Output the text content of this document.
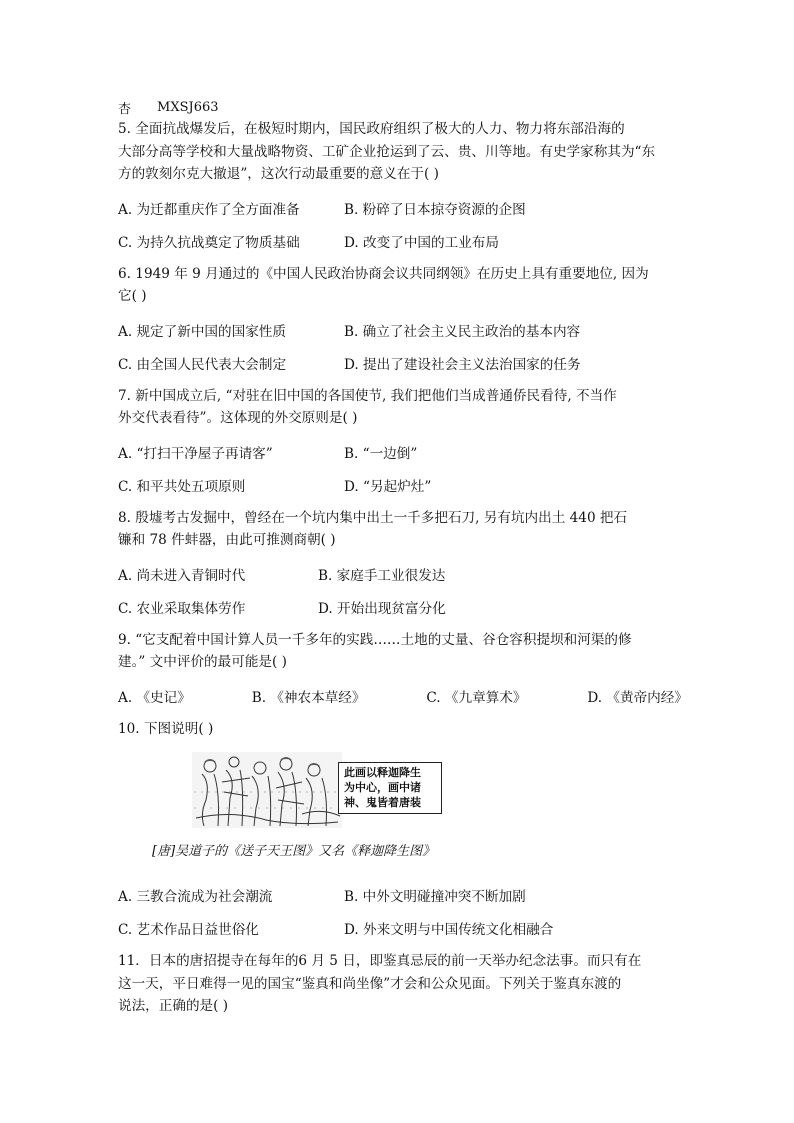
杏 MXSJ663

5. 全面抗战爆发后，在极短时期内，国民政府组织了极大的人力、物力将东部沿海的
大部分高等学校和大量战略物资、工矿企业抢运到了云、贵、川等地。有史学家称其为“东
方的敦刻尔克大撤退”，这次行动最重要的意义在于( )

A. 为迁都重庆作了全方面准备	B. 粉碎了日本掠夺资源的企图
C. 为持久抗战奠定了物质基础	D. 改变了中国的工业布局

6. 1949 年 9 月通过的《中国人民政治协商会议共同纲领》在历史上具有重要地位, 因为
它( )

A. 规定了新中国的国家性质	B. 确立了社会主义民主政治的基本内容
C. 由全国人民代表大会制定	D. 提出了建设社会主义法治国家的任务

7. 新中国成立后, “对驻在旧中国的各国使节, 我们把他们当成普通侨民看待, 不当作
外交代表看待”。这体现的外交原则是( )

A. “打扫干净屋子再请客”	B. “一边倒”
C. 和平共处五项原则	D. “另起炉灶”

8. 殷墟考古发掘中，曾经在一个坑内集中出土一千多把石刀, 另有坑内出土 440 把石
镰和 78 件蚌器，由此可推测商朝( )

A. 尚未进入青铜时代	B. 家庭手工业很发达
C. 农业采取集体劳作	D. 开始出现贫富分化

9. “它支配着中国计算人员一千多年的实践……土地的丈量、谷仓容积提坝和河渠的修
建。” 文中评价的最可能是( )

A. 《史记》	B. 《神农本草经》	C. 《九章算术》	D. 《黄帝内经》

10. 下图说明( )

此画以释迦降生
为中心，画中诸
神、鬼皆着唐装
[唐]吴道子的《送子天王图》又名《释迦降生图》
A. 三教合流成为社会潮流	B. 中外文明碰撞冲突不断加剧
C. 艺术作品日益世俗化	D. 外来文明与中国传统文化相融合

11．日本的唐招提寺在每年的6 月 5 日，即鉴真忌辰的前一天举办纪念法事。而只有在
这一天，平日难得一见的国宝“鉴真和尚坐像”才会和公众见面。下列关于鉴真东渡的
说法，正确的是( )
